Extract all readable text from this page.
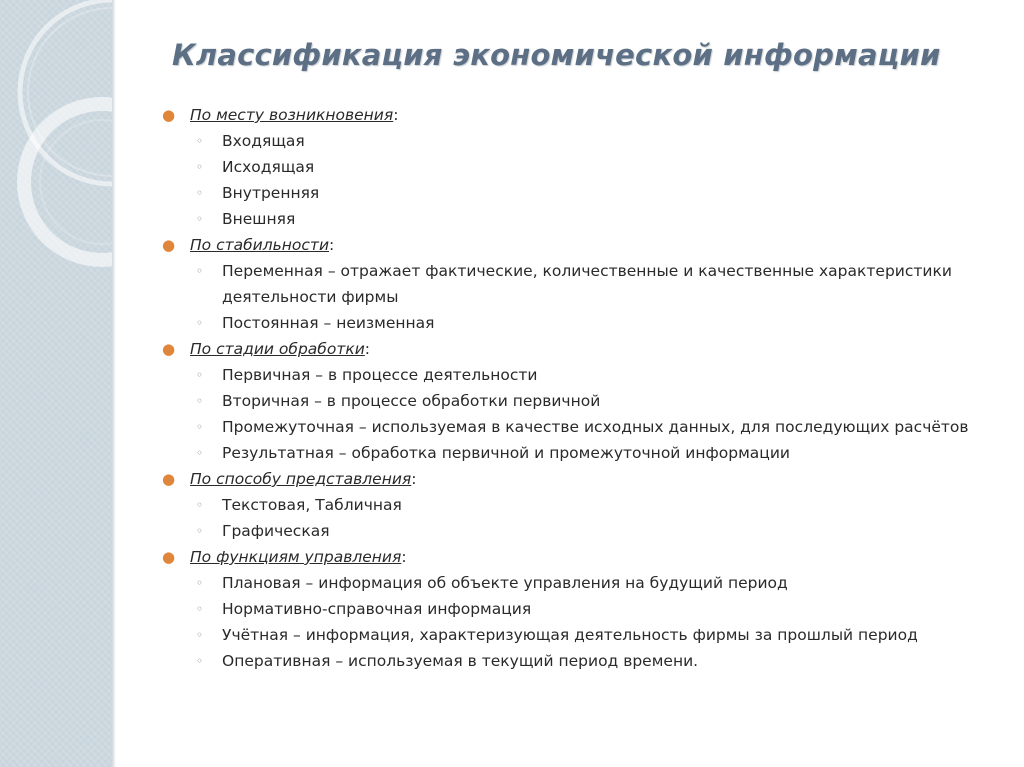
Классификация экономической информации
● По месту возникновения:
◦ Входящая
◦ Исходящая
◦ Внутренняя
◦ Внешняя
● По стабильности:
◦ Переменная – отражает фактические, количественные и качественные характеристики деятельности фирмы
◦ Постоянная – неизменная
● По стадии обработки:
◦ Первичная – в процессе деятельности
◦ Вторичная – в процессе обработки первичной
◦ Промежуточная – используемая в качестве исходных данных, для последующих расчётов
◦ Результатная – обработка первичной и промежуточной информации
● По способу представления:
◦ Текстовая, Табличная
◦ Графическая
● По функциям управления:
◦ Плановая – информация об объекте управления на будущий период
◦ Нормативно-справочная информация
◦ Учётная – информация, характеризующая деятельность фирмы за прошлый период
◦ Оперативная – используемая в текущий период времени.
